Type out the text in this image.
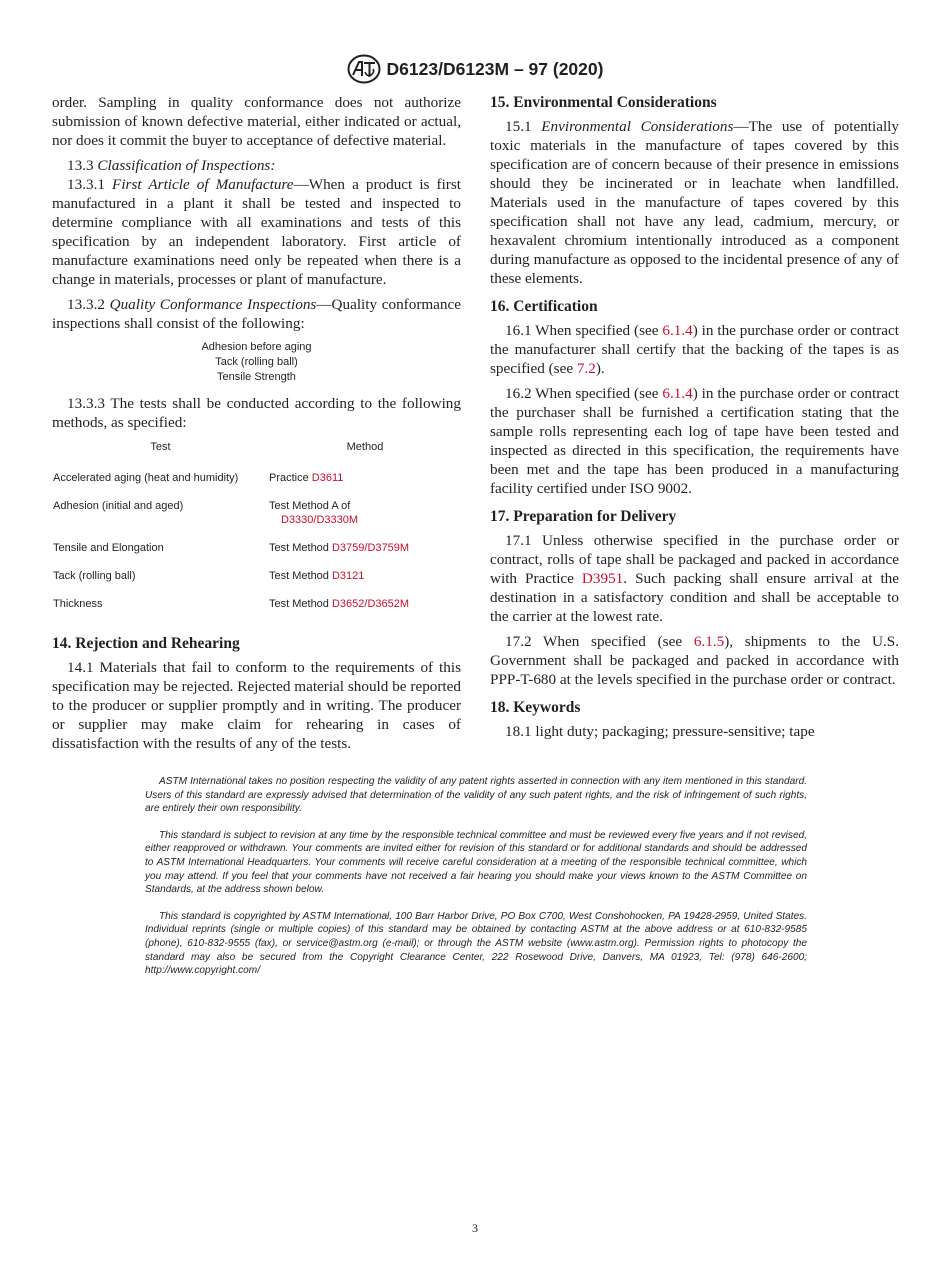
D6123/D6123M – 97 (2020)

order. Sampling in quality conformance does not authorize submission of known defective material, either indicated or actual, nor does it commit the buyer to acceptance of defective material.

13.3 Classification of Inspections:

13.3.1 First Article of Manufacture—When a product is first manufactured in a plant it shall be tested and inspected to determine compliance with all examinations and tests of this specification by an independent laboratory. First article of manufacture examinations need only be repeated when there is a change in materials, processes or plant of manufacture.

13.3.2 Quality Conformance Inspections—Quality conformance inspections shall consist of the following:

Adhesion before aging
Tack (rolling ball)
Tensile Strength

13.3.3 The tests shall be conducted according to the following methods, as specified:

Test	Method
Accelerated aging (heat and humidity)	Practice D3611
Adhesion (initial and aged)	Test Method A of
D3330/D3330M
Tensile and Elongation	Test Method D3759/D3759M
Tack (rolling ball)	Test Method D3121
Thickness	Test Method D3652/D3652M
14. Rejection and Rehearing

14.1 Materials that fail to conform to the requirements of this specification may be rejected. Rejected material should be reported to the producer or supplier promptly and in writing. The producer or supplier may make claim for rehearing in cases of dissatisfaction with the results of any of the tests.

15. Environmental Considerations

15.1 Environmental Considerations—The use of potentially toxic materials in the manufacture of tapes covered by this specification are of concern because of their presence in emissions should they be incinerated or in leachate when landfilled. Materials used in the manufacture of tapes covered by this specification shall not have any lead, cadmium, mercury, or hexavalent chromium intentionally introduced as a component during manufacture as opposed to the incidental presence of any of these elements.

16. Certification

16.1 When specified (see 6.1.4) in the purchase order or contract the manufacturer shall certify that the backing of the tapes is as specified (see 7.2).

16.2 When specified (see 6.1.4) in the purchase order or contract the purchaser shall be furnished a certification stating that the sample rolls representing each log of tape have been tested and inspected as directed in this specification, the requirements have been met and the tape has been produced in a manufacturing facility certified under ISO 9002.

17. Preparation for Delivery

17.1 Unless otherwise specified in the purchase order or contract, rolls of tape shall be packaged and packed in accordance with Practice D3951. Such packing shall ensure arrival at the destination in a satisfactory condition and shall be acceptable to the carrier at the lowest rate.

17.2 When specified (see 6.1.5), shipments to the U.S. Government shall be packaged and packed in accordance with PPP-T-680 at the levels specified in the purchase order or contract.

18. Keywords

18.1 light duty; packaging; pressure-sensitive; tape

ASTM International takes no position respecting the validity of any patent rights asserted in connection with any item mentioned in this standard. Users of this standard are expressly advised that determination of the validity of any such patent rights, and the risk of infringement of such rights, are entirely their own responsibility.

This standard is subject to revision at any time by the responsible technical committee and must be reviewed every five years and if not revised, either reapproved or withdrawn. Your comments are invited either for revision of this standard or for additional standards and should be addressed to ASTM International Headquarters. Your comments will receive careful consideration at a meeting of the responsible technical committee, which you may attend. If you feel that your comments have not received a fair hearing you should make your views known to the ASTM Committee on Standards, at the address shown below.

This standard is copyrighted by ASTM International, 100 Barr Harbor Drive, PO Box C700, West Conshohocken, PA 19428-2959, United States. Individual reprints (single or multiple copies) of this standard may be obtained by contacting ASTM at the above address or at 610-832-9585 (phone), 610-832-9555 (fax), or service@astm.org (e-mail); or through the ASTM website (www.astm.org). Permission rights to photocopy the standard may also be secured from the Copyright Clearance Center, 222 Rosewood Drive, Danvers, MA 01923, Tel: (978) 646-2600; http://www.copyright.com/

3
